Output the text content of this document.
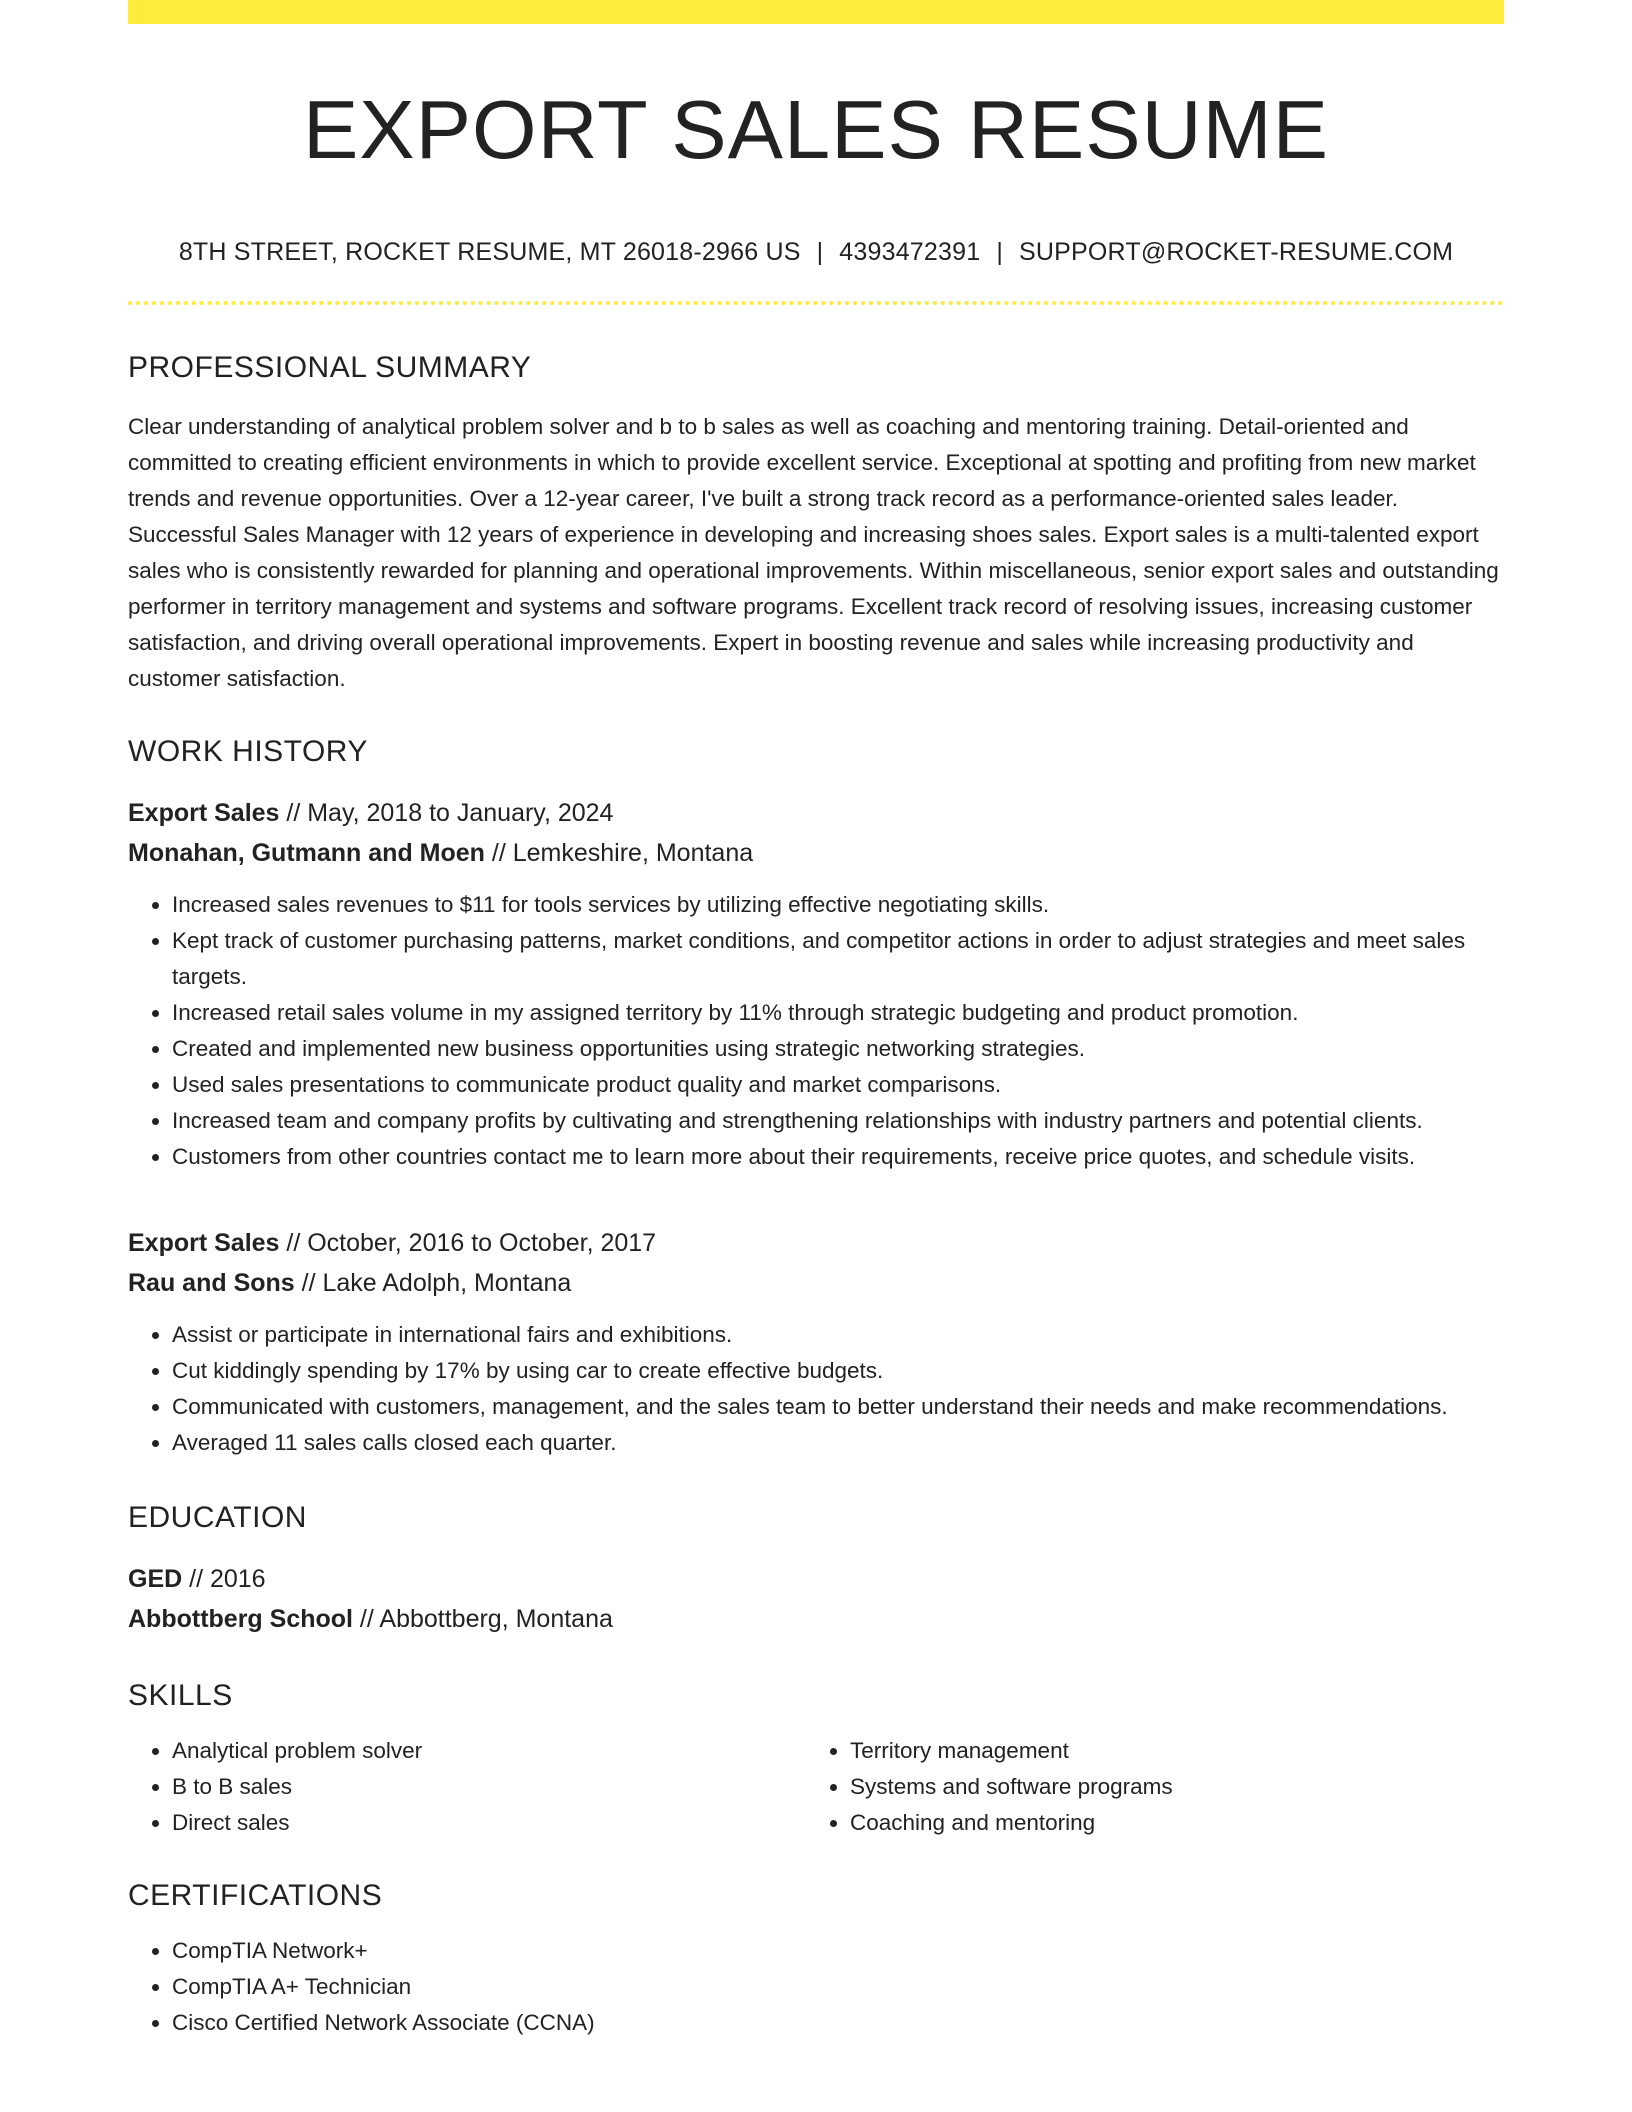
EXPORT SALES RESUME
8TH STREET, ROCKET RESUME, MT 26018-2966 US | 4393472391 | SUPPORT@ROCKET-RESUME.COM
PROFESSIONAL SUMMARY
Clear understanding of analytical problem solver and b to b sales as well as coaching and mentoring training. Detail-oriented and committed to creating efficient environments in which to provide excellent service. Exceptional at spotting and profiting from new market trends and revenue opportunities. Over a 12-year career, I've built a strong track record as a performance-oriented sales leader. Successful Sales Manager with 12 years of experience in developing and increasing shoes sales. Export sales is a multi-talented export sales who is consistently rewarded for planning and operational improvements. Within miscellaneous, senior export sales and outstanding performer in territory management and systems and software programs. Excellent track record of resolving issues, increasing customer satisfaction, and driving overall operational improvements. Expert in boosting revenue and sales while increasing productivity and customer satisfaction.
WORK HISTORY
Export Sales // May, 2018 to January, 2024
Monahan, Gutmann and Moen // Lemkeshire, Montana
• Increased sales revenues to $11 for tools services by utilizing effective negotiating skills.
• Kept track of customer purchasing patterns, market conditions, and competitor actions in order to adjust strategies and meet sales targets.
• Increased retail sales volume in my assigned territory by 11% through strategic budgeting and product promotion.
• Created and implemented new business opportunities using strategic networking strategies.
• Used sales presentations to communicate product quality and market comparisons.
• Increased team and company profits by cultivating and strengthening relationships with industry partners and potential clients.
• Customers from other countries contact me to learn more about their requirements, receive price quotes, and schedule visits.
Export Sales // October, 2016 to October, 2017
Rau and Sons // Lake Adolph, Montana
• Assist or participate in international fairs and exhibitions.
• Cut kiddingly spending by 17% by using car to create effective budgets.
• Communicated with customers, management, and the sales team to better understand their needs and make recommendations.
• Averaged 11 sales calls closed each quarter.
EDUCATION
GED // 2016
Abbottberg School // Abbottberg, Montana
SKILLS
• Analytical problem solver
• B to B sales
• Direct sales
• Territory management
• Systems and software programs
• Coaching and mentoring
CERTIFICATIONS
• CompTIA Network+
• CompTIA A+ Technician
• Cisco Certified Network Associate (CCNA)
